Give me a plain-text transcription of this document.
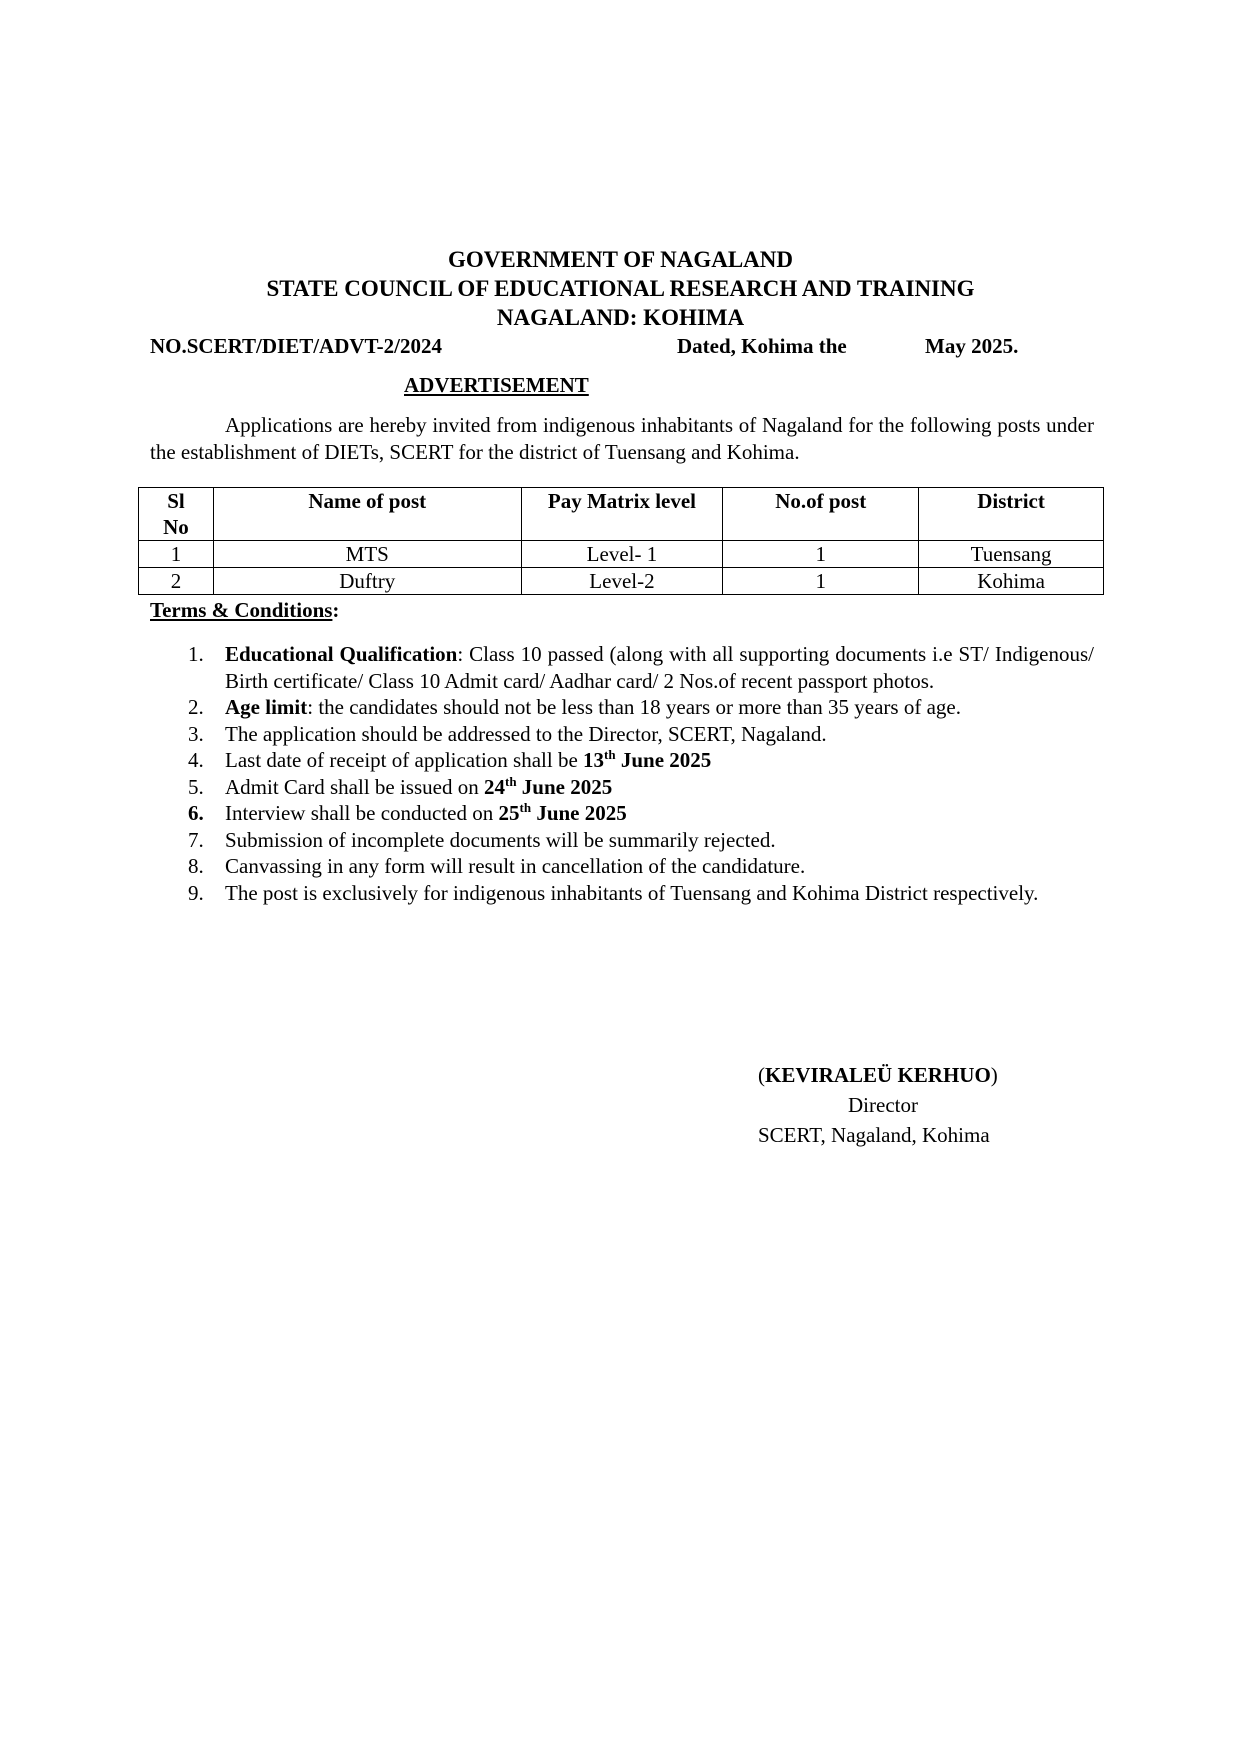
GOVERNMENT OF NAGALAND
STATE COUNCIL OF EDUCATIONAL RESEARCH AND TRAINING
NAGALAND: KOHIMA
NO.SCERT/DIET/ADVT-2/2024	Dated, Kohima the	May 2025.
ADVERTISEMENT
Applications are hereby invited from indigenous inhabitants of Nagaland for the following posts under the establishment of DIETs, SCERT for the district of Tuensang and Kohima.
Sl
No	Name of post	Pay Matrix level	No.of post	District
1	MTS	Level- 1	1	Tuensang
2	Duftry	Level-2	1	Kohima
Terms & Conditions:
1. Educational Qualification: Class 10 passed (along with all supporting documents i.e ST/ Indigenous/ Birth certificate/ Class 10 Admit card/ Aadhar card/ 2 Nos.of recent passport photos.
2. Age limit: the candidates should not be less than 18 years or more than 35 years of age.
3. The application should be addressed to the Director, SCERT, Nagaland.
4. Last date of receipt of application shall be 13th June 2025
5. Admit Card shall be issued on 24th June 2025
6. Interview shall be conducted on 25th June 2025
7. Submission of incomplete documents will be summarily rejected.
8. Canvassing in any form will result in cancellation of the candidature.
9. The post is exclusively for indigenous inhabitants of Tuensang and Kohima District respectively.
(KEVIRALEÜ KERHUO)
Director
SCERT, Nagaland, Kohima
